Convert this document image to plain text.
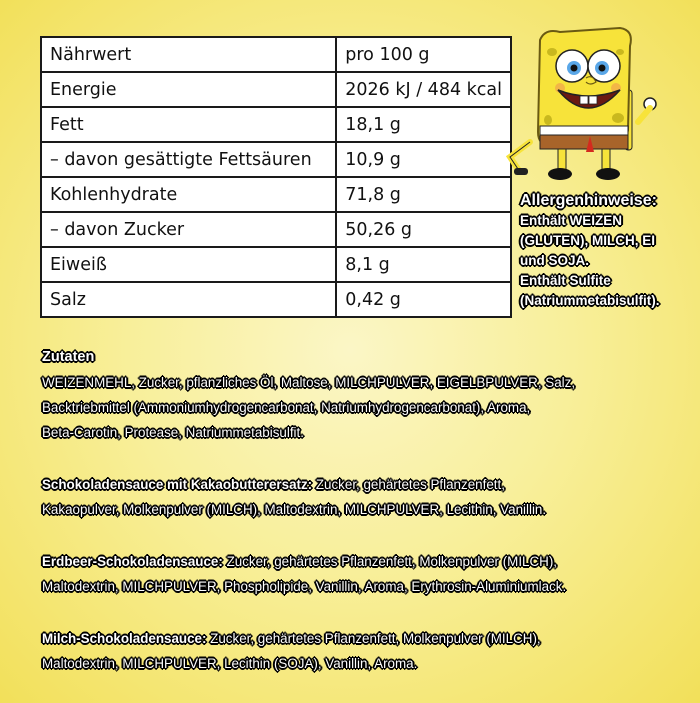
Nährwert	pro 100 g
Energie	2026 kJ / 484 kcal
Fett	18,1 g
– davon gesättigte Fettsäuren	10,9 g
Kohlenhydrate	71,8 g
– davon Zucker	50,26 g
Eiweiß	8,1 g
Salz	0,42 g
Allergenhinweise:
Enthält WEIZEN
(GLUTEN), MILCH, EI
und SOJA.
Enthält Sulfite
(Natriummetabisulfit).
Zutaten
WEIZENMEHL, Zucker, pflanzliches Öl, Maltose, MILCHPULVER, EIGELBPULVER, Salz,
Backtriebmittel (Ammoniumhydrogencarbonat, Natriumhydrogencarbonat), Aroma,
Beta-Carotin, Protease, Natriummetabisulfit.
Schokoladensauce mit Kakaobutterersatz: Zucker, gehärtetes Pflanzenfett,
Kakaopulver, Molkenpulver (MILCH), Maltodextrin, MILCHPULVER, Lecithin, Vanillin.
Erdbeer-Schokoladensauce: Zucker, gehärtetes Pflanzenfett, Molkenpulver (MILCH),
Maltodextrin, MILCHPULVER, Phospholipide, Vanillin, Aroma, Erythrosin-Aluminiumlack.
Milch-Schokoladensauce: Zucker, gehärtetes Pflanzenfett, Molkenpulver (MILCH),
Maltodextrin, MILCHPULVER, Lecithin (SOJA), Vanillin, Aroma.
